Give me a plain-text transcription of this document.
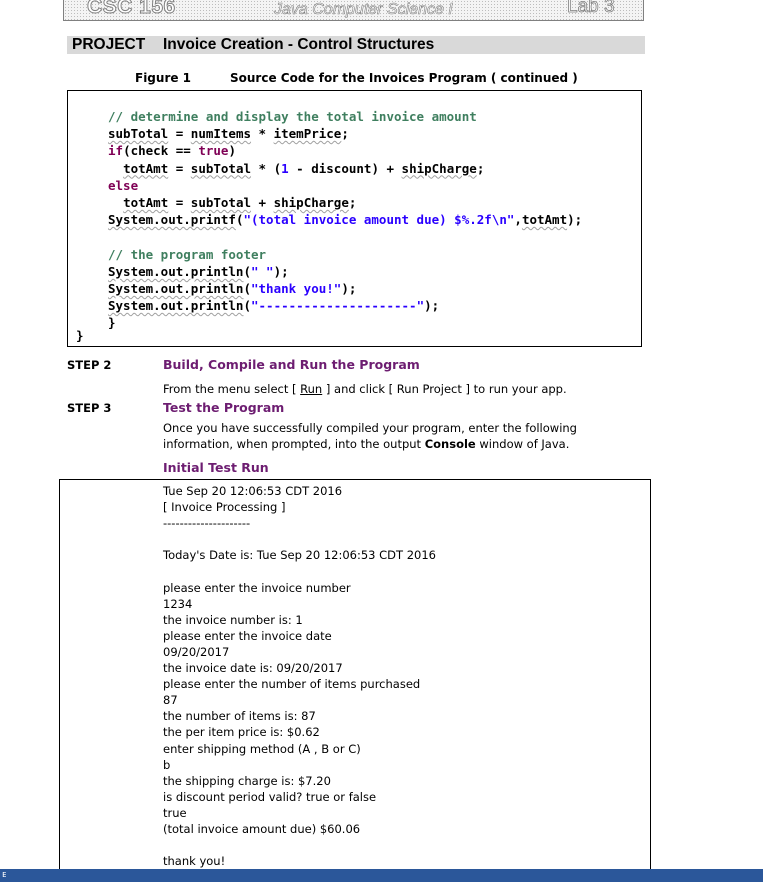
CSC 156	Java Computer Science I	Lab 3
PROJECT Invoice Creation - Control Structures
Figure 1	Source Code for the Invoices Program ( continued )
// determine and display the total invoice amount
subTotal = numItems * itemPrice;
if(check == true)
totAmt = subTotal * (1 - discount) + shipCharge;
else
totAmt = subTotal + shipCharge;
System.out.printf("(total invoice amount due) $%.2f\n",totAmt);

// the program footer
System.out.println(" ");
System.out.println("thank you!");
System.out.println("---------------------");
}
}
STEP 2	Build, Compile and Run the Program
From the menu select [ Run ] and click [ Run Project ] to run your app.
STEP 3	Test the Program
Once you have successfully compiled your program, enter the following information, when prompted, into the output Console window of Java.
Initial Test Run
Tue Sep 20 12:06:53 CDT 2016
[ Invoice Processing ]
---------------------

Today's Date is: Tue Sep 20 12:06:53 CDT 2016

please enter the invoice number
1234
the invoice number is: 1
please enter the invoice date
09/20/2017
the invoice date is: 09/20/2017
please enter the number of items purchased
87
the number of items is: 87
the per item price is: $0.62
enter shipping method (A , B or C)
b
the shipping charge is: $7.20
is discount period valid? true or false
true
(total invoice amount due) $60.06

thank you!
ᴇ
